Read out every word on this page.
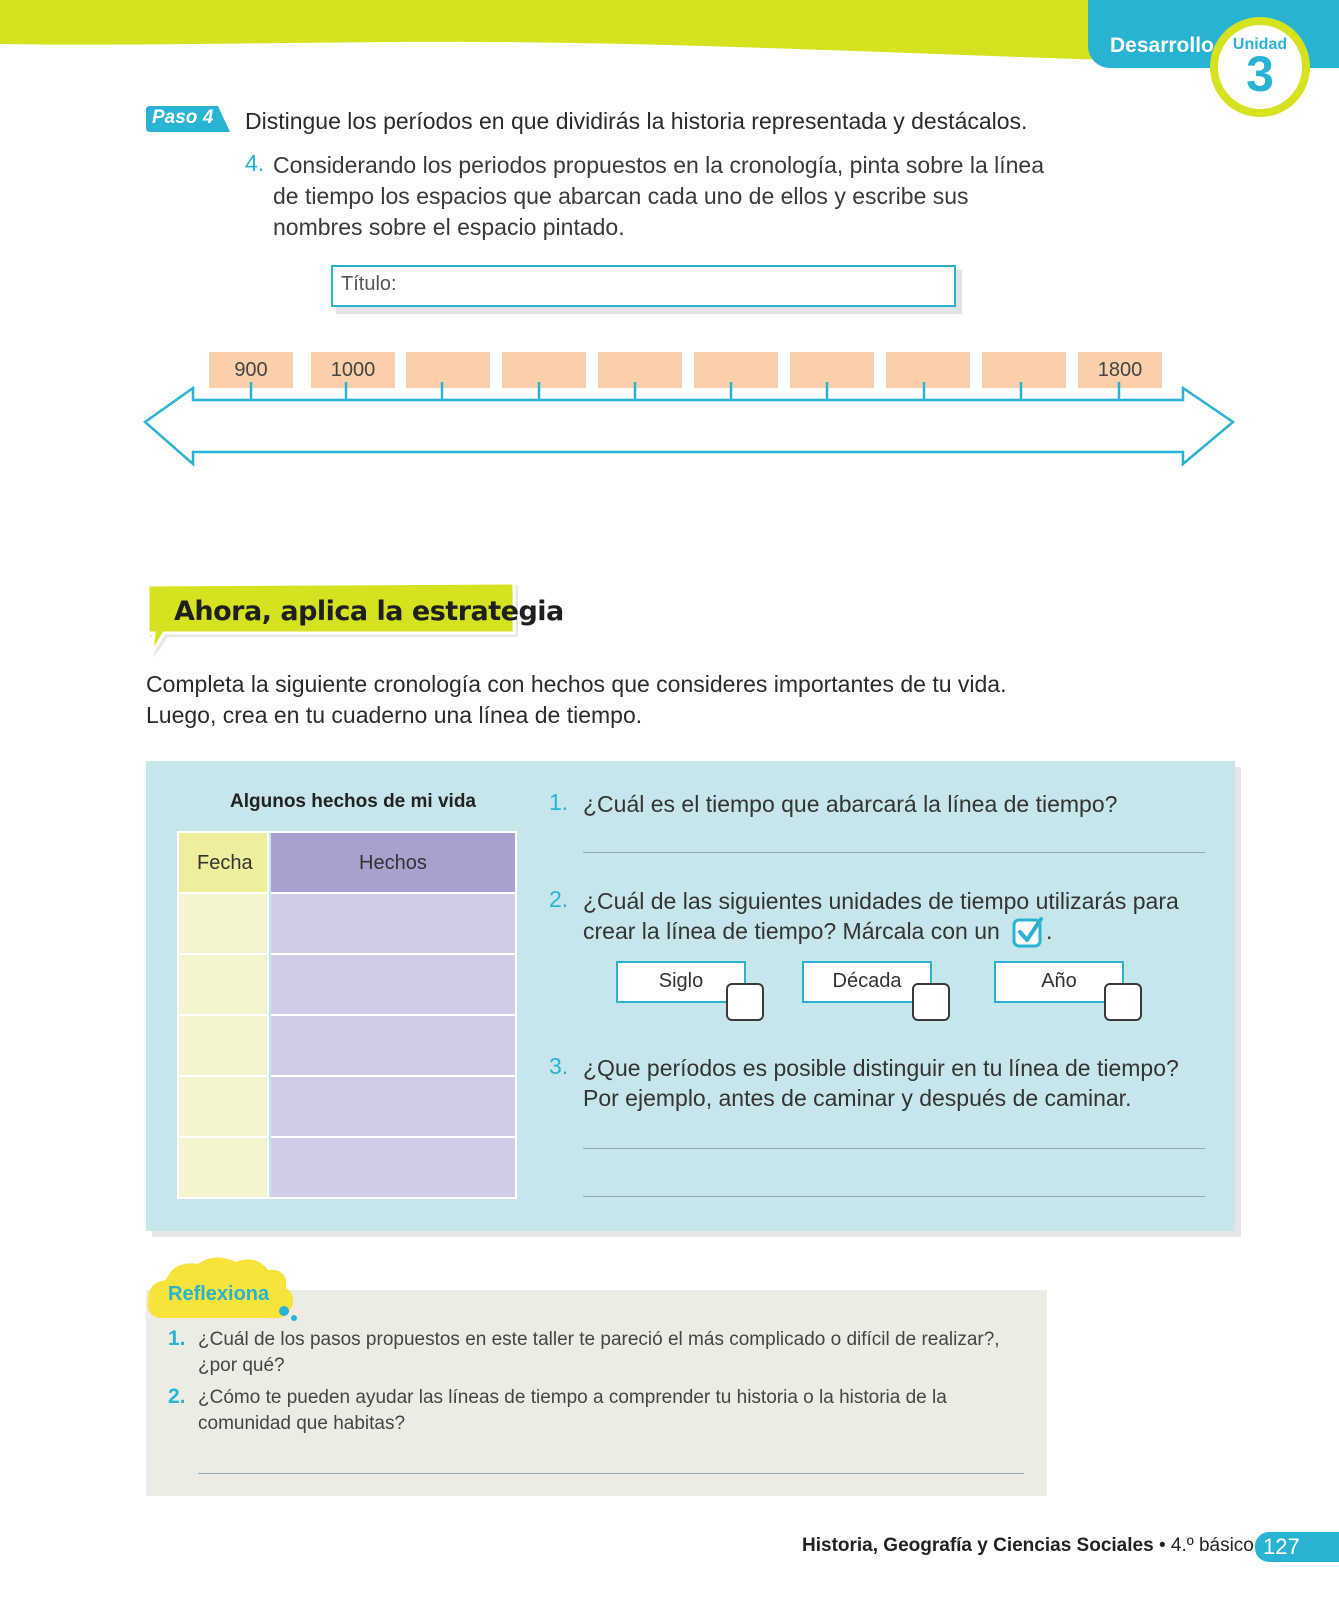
Desarrollo	Unidad
3
Paso 4 Distingue los períodos en que dividirás la historia representada y destácalos.
4. Considerando los periodos propuestos en la cronología, pinta sobre la línea de tiempo los espacios que abarcan cada uno de ellos y escribe sus nombres sobre el espacio pintado.
Título:
900	1000	1800
Ahora, aplica la estrategia
Completa la siguiente cronología con hechos que consideres importantes de tu vida.
Luego, crea en tu cuaderno una línea de tiempo.
Algunos hechos de mi vida
Fecha	Hechos
1. ¿Cuál es el tiempo que abarcará la línea de tiempo?
2. ¿Cuál de las siguientes unidades de tiempo utilizarás para
crear la línea de tiempo? Márcala con un .
Siglo	Década	Año
3. ¿Que períodos es posible distinguir en tu línea de tiempo?
Por ejemplo, antes de caminar y después de caminar.
Reflexiona
1. ¿Cuál de los pasos propuestos en este taller te pareció el más complicado o difícil de realizar?,
¿por qué?
2. ¿Cómo te pueden ayudar las líneas de tiempo a comprender tu historia o la historia de la
comunidad que habitas?
Historia, Geografía y Ciencias Sociales • 4.º básico 127
